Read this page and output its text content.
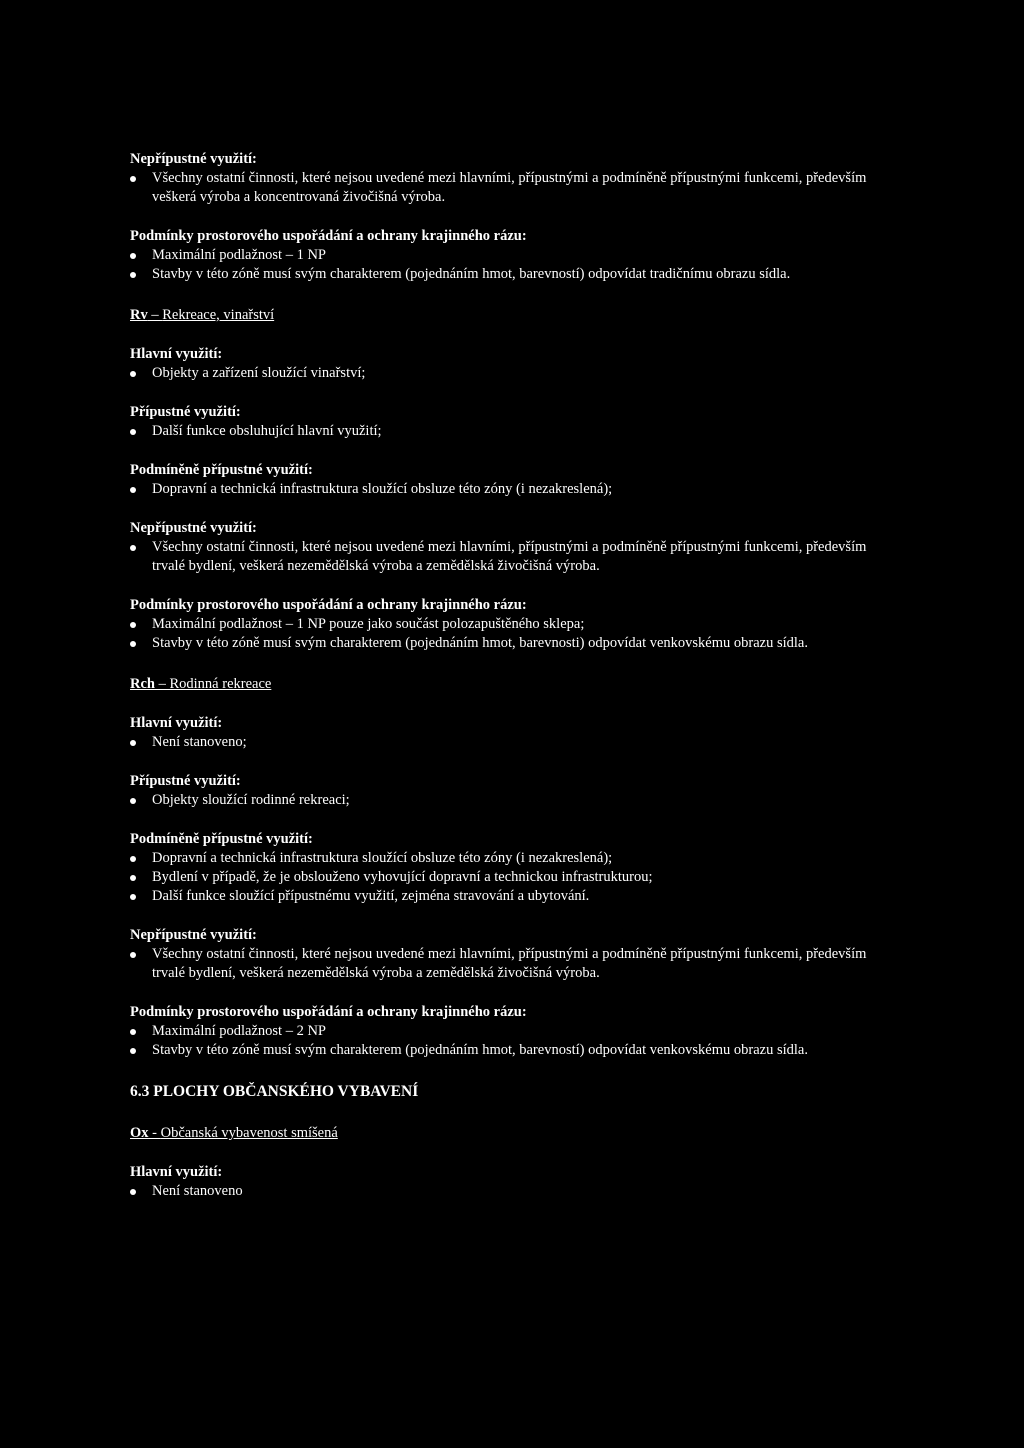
Nepřípustné využití:

Všechny ostatní činnosti, které nejsou uvedené mezi hlavními, přípustnými a podmíněně přípustnými funkcemi, především veškerá výroba a koncentrovaná živočišná výroba.

Podmínky prostorového uspořádání a ochrany krajinného rázu:

Maximální podlažnost – 1 NP
Stavby v této zóně musí svým charakterem (pojednáním hmot, barevností) odpovídat tradičnímu obrazu sídla.

Rv – Rekreace, vinařství

Hlavní využití:

Objekty a zařízení sloužící vinařství;

Přípustné využití:

Další funkce obsluhující hlavní využití;

Podmíněně přípustné využití:

Dopravní a technická infrastruktura sloužící obsluze této zóny (i nezakreslená);

Nepřípustné využití:

Všechny ostatní činnosti, které nejsou uvedené mezi hlavními, přípustnými a podmíněně přípustnými funkcemi, především trvalé bydlení, veškerá nezemědělská výroba a zemědělská živočišná výroba.

Podmínky prostorového uspořádání a ochrany krajinného rázu:

Maximální podlažnost – 1 NP pouze jako součást polozapuštěného sklepa;
Stavby v této zóně musí svým charakterem (pojednáním hmot, barevnosti) odpovídat venkovskému obrazu sídla.

Rch – Rodinná rekreace

Hlavní využití:

Není stanoveno;

Přípustné využití:

Objekty sloužící rodinné rekreaci;

Podmíněně přípustné využití:

Dopravní a technická infrastruktura sloužící obsluze této zóny (i nezakreslená);
Bydlení v případě, že je obslouženo vyhovující dopravní a technickou infrastrukturou;
Další funkce sloužící přípustnému využití, zejména stravování a ubytování.

Nepřípustné využití:

Všechny ostatní činnosti, které nejsou uvedené mezi hlavními, přípustnými a podmíněně přípustnými funkcemi, především trvalé bydlení, veškerá nezemědělská výroba a zemědělská živočišná výroba.

Podmínky prostorového uspořádání a ochrany krajinného rázu:

Maximální podlažnost – 2 NP
Stavby v této zóně musí svým charakterem (pojednáním hmot, barevností) odpovídat venkovskému obrazu sídla.

6.3 PLOCHY OBČANSKÉHO VYBAVENÍ

Ox - Občanská vybavenost smíšená

Hlavní využití:

Není stanoveno
